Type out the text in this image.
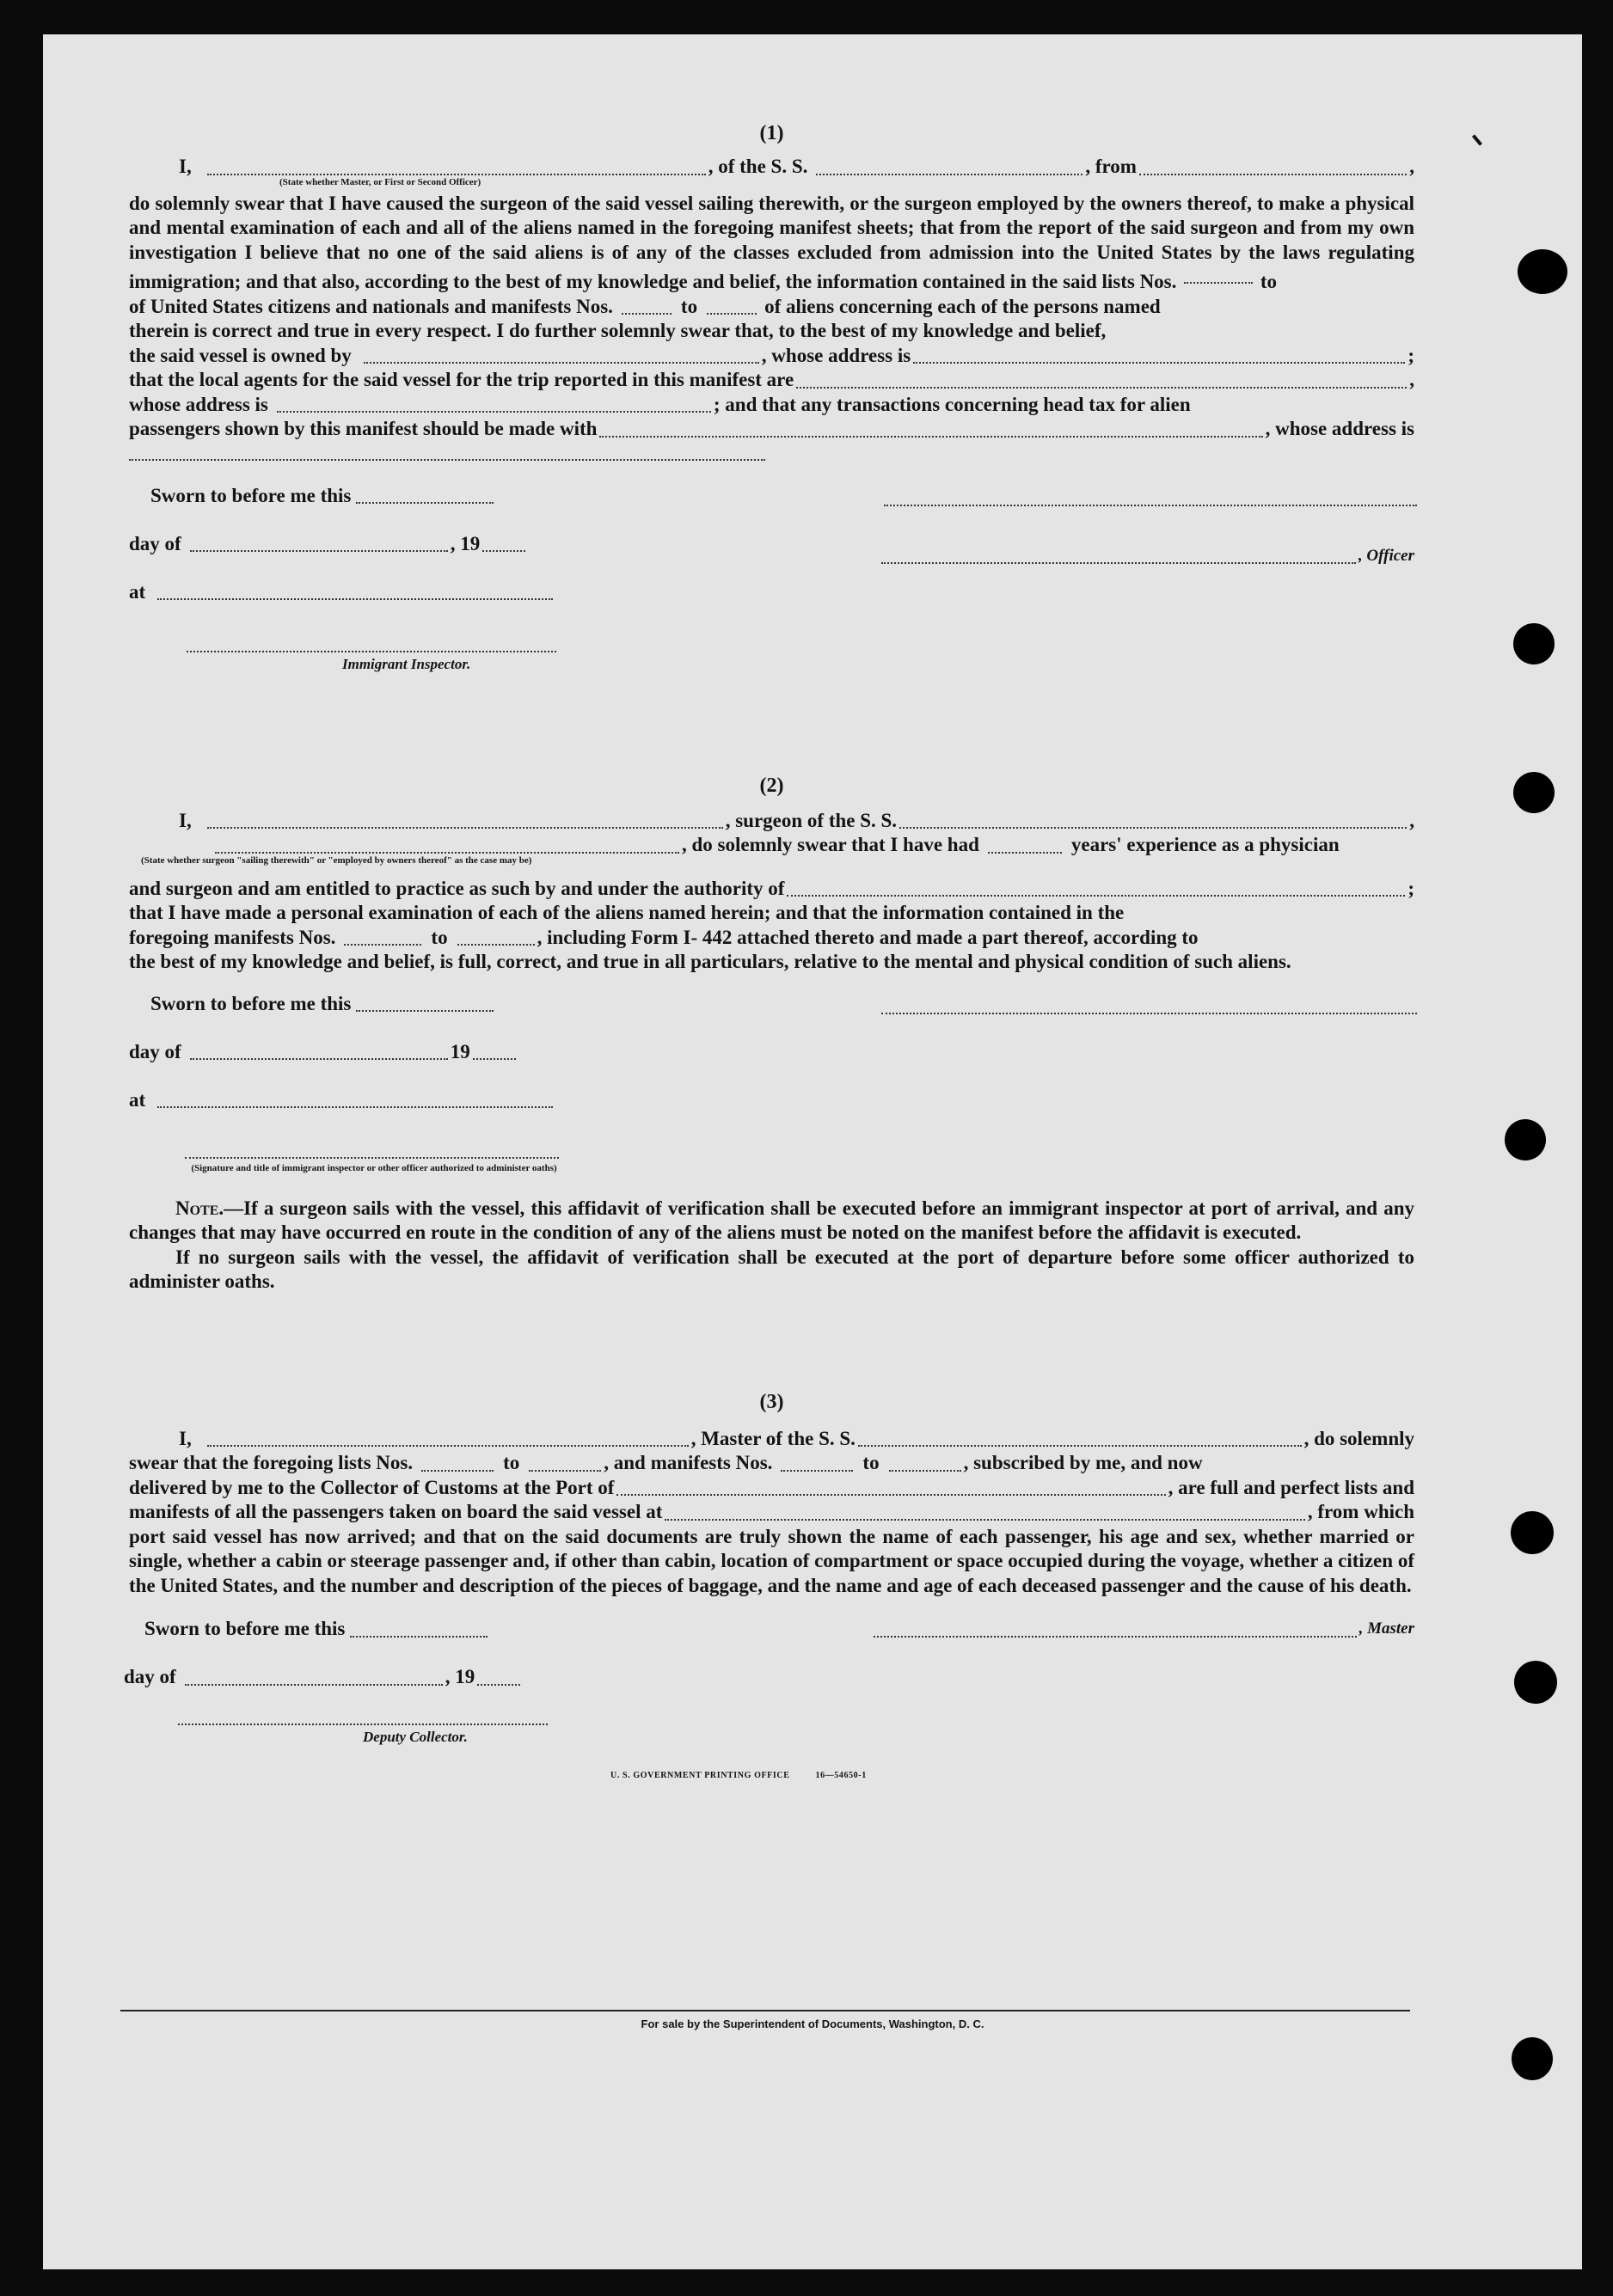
(1)
I,	, of the S. S.	, from	,
(State whether Master, or First or Second Officer)
do solemnly swear that I have caused the surgeon of the said vessel sailing therewith, or the surgeon employed by the owners thereof, to make a physical and mental examination of each and all of the aliens named in the foregoing manifest sheets; that from the report of the said surgeon and from my own investigation I believe that no one of the said aliens is of any of the classes excluded from admission into the United States by the laws regulating immigration; and that also, according to the best of my knowledge and belief, the information contained in the said lists Nos.	to
of United States citizens and nationals and manifests Nos.	to	of aliens concerning each of the persons named
therein is correct and true in every respect. I do further solemnly swear that, to the best of my knowledge and belief,
the said vessel is owned by	, whose address is	;
that the local agents for the said vessel for the trip reported in this manifest are	,
whose address is	; and that any transactions concerning head tax for alien
passengers shown by this manifest should be made with	, whose address is
Sworn to before me this
day of	, 19
, Officer
at
Immigrant Inspector.
(2)
I,	, surgeon of the S. S.	,
, do solemnly swear that I have had	years' experience as a physician
(State whether surgeon "sailing therewith" or "employed by owners thereof" as the case may be)
and surgeon and am entitled to practice as such by and under the authority of	;
that I have made a personal examination of each of the aliens named herein; and that the information contained in the
foregoing manifests Nos.	to	, including Form I- 442 attached thereto and made a part thereof, according to
the best of my knowledge and belief, is full, correct, and true in all particulars, relative to the mental and physical condition of such aliens.
Sworn to before me this
day of	19
at
(Signature and title of immigrant inspector or other officer authorized to administer oaths)
Note.—If a surgeon sails with the vessel, this affidavit of verification shall be executed before an immigrant inspector at port of arrival, and any changes that may have occurred en route in the condition of any of the aliens must be noted on the manifest before the affidavit is executed.
If no surgeon sails with the vessel, the affidavit of verification shall be executed at the port of departure before some officer authorized to administer oaths.
(3)
I,	, Master of the S. S.	, do solemnly
swear that the foregoing lists Nos.	to	, and manifests Nos.	to	, subscribed by me, and now
delivered by me to the Collector of Customs at the Port of	, are full and perfect lists and
manifests of all the passengers taken on board the said vessel at	, from which
port said vessel has now arrived; and that on the said documents are truly shown the name of each passenger, his age and sex, whether married or single, whether a cabin or steerage passenger and, if other than cabin, location of compartment or space occupied during the voyage, whether a citizen of the United States, and the number and description of the pieces of baggage, and the name and age of each deceased passenger and the cause of his death.
Sworn to before me this	, Master
day of	, 19
Deputy Collector.
U. S. GOVERNMENT PRINTING OFFICE	16—54650-1
For sale by the Superintendent of Documents, Washington, D. C.
